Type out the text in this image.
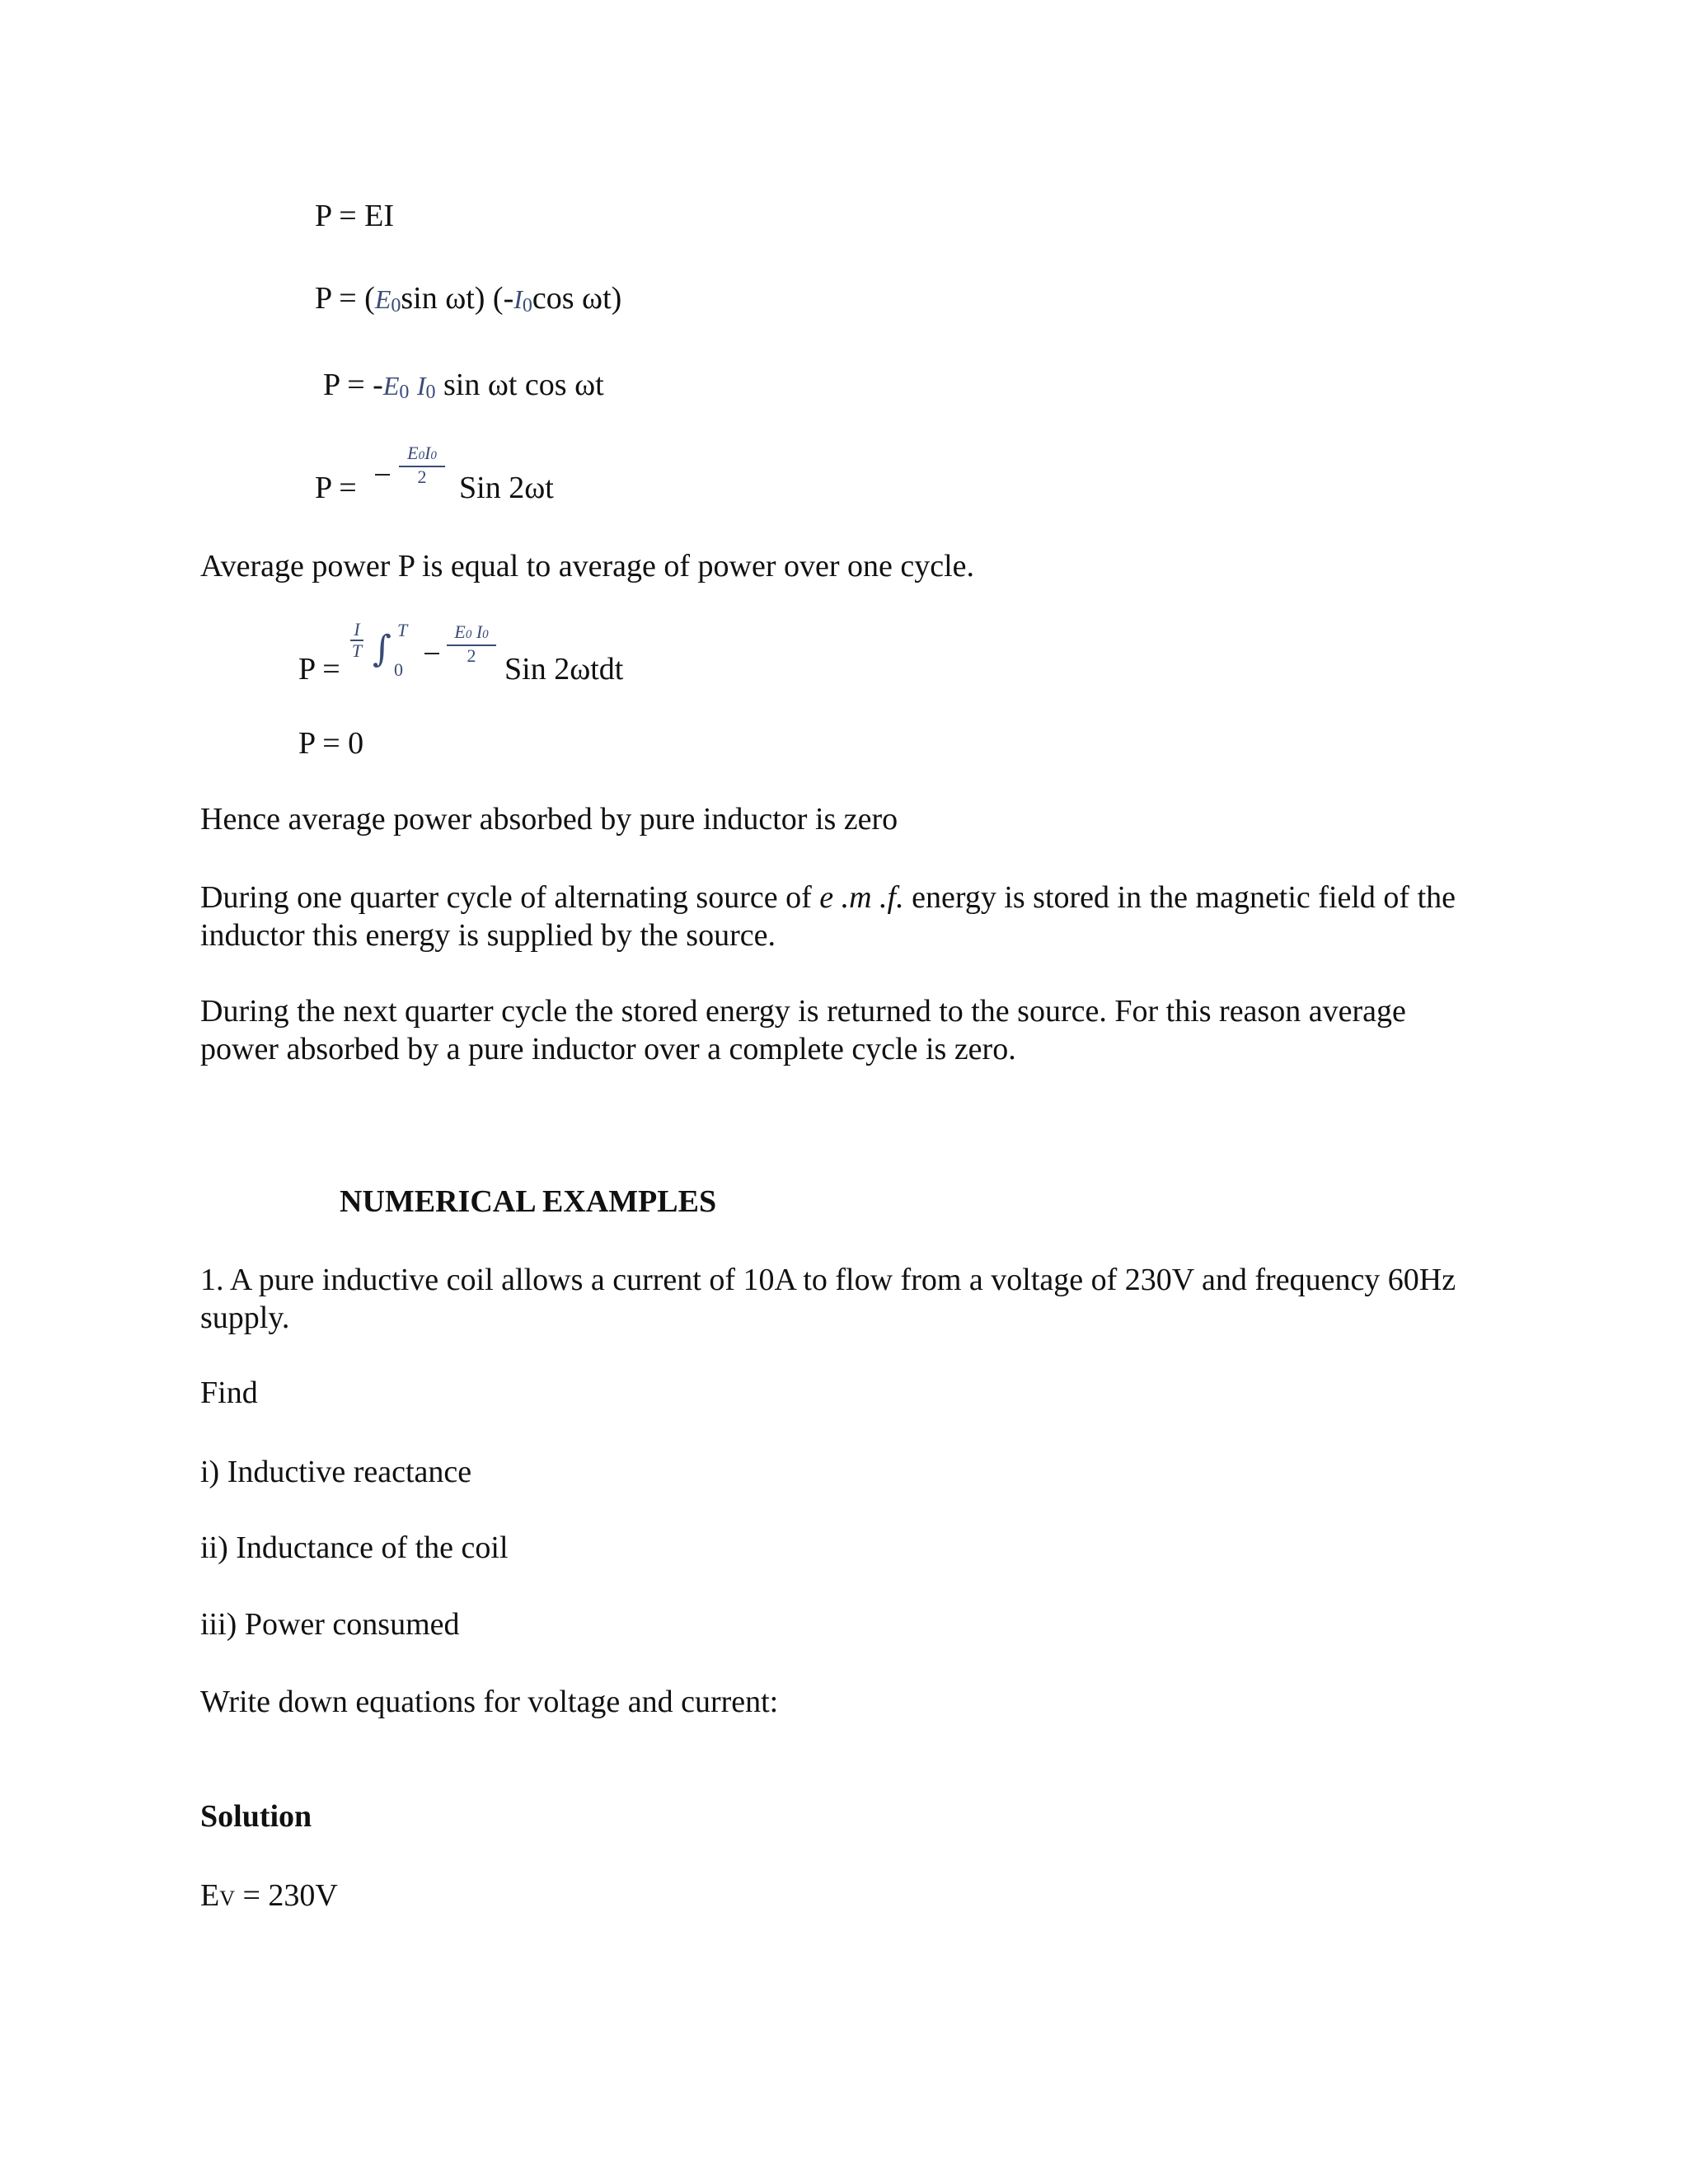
P = EI
P = (E0sin ωt) (-I0cos ωt)
P = -E0 I0 sin ωt cos ωt
P =
E0I0
2	Sin 2ωt
Average power P is equal to average of power over one cycle.
P =
I
T ∫ T
0
E0 I0
2 Sin 2ωtdt
P = 0
Hence average power absorbed by pure inductor is zero
During one quarter cycle of alternating source of e .m .f. energy is stored in the magnetic field of the inductor this energy is supplied by the source.
During the next quarter cycle the stored energy is returned to the source. For this reason average power absorbed by a pure inductor over a complete cycle is zero.
NUMERICAL EXAMPLES
1. A pure inductive coil allows a current of 10A to flow from a voltage of 230V and frequency 60Hz supply.
Find
i) Inductive reactance
ii) Inductance of the coil
iii) Power consumed
Write down equations for voltage and current:
Solution
EV = 230V
